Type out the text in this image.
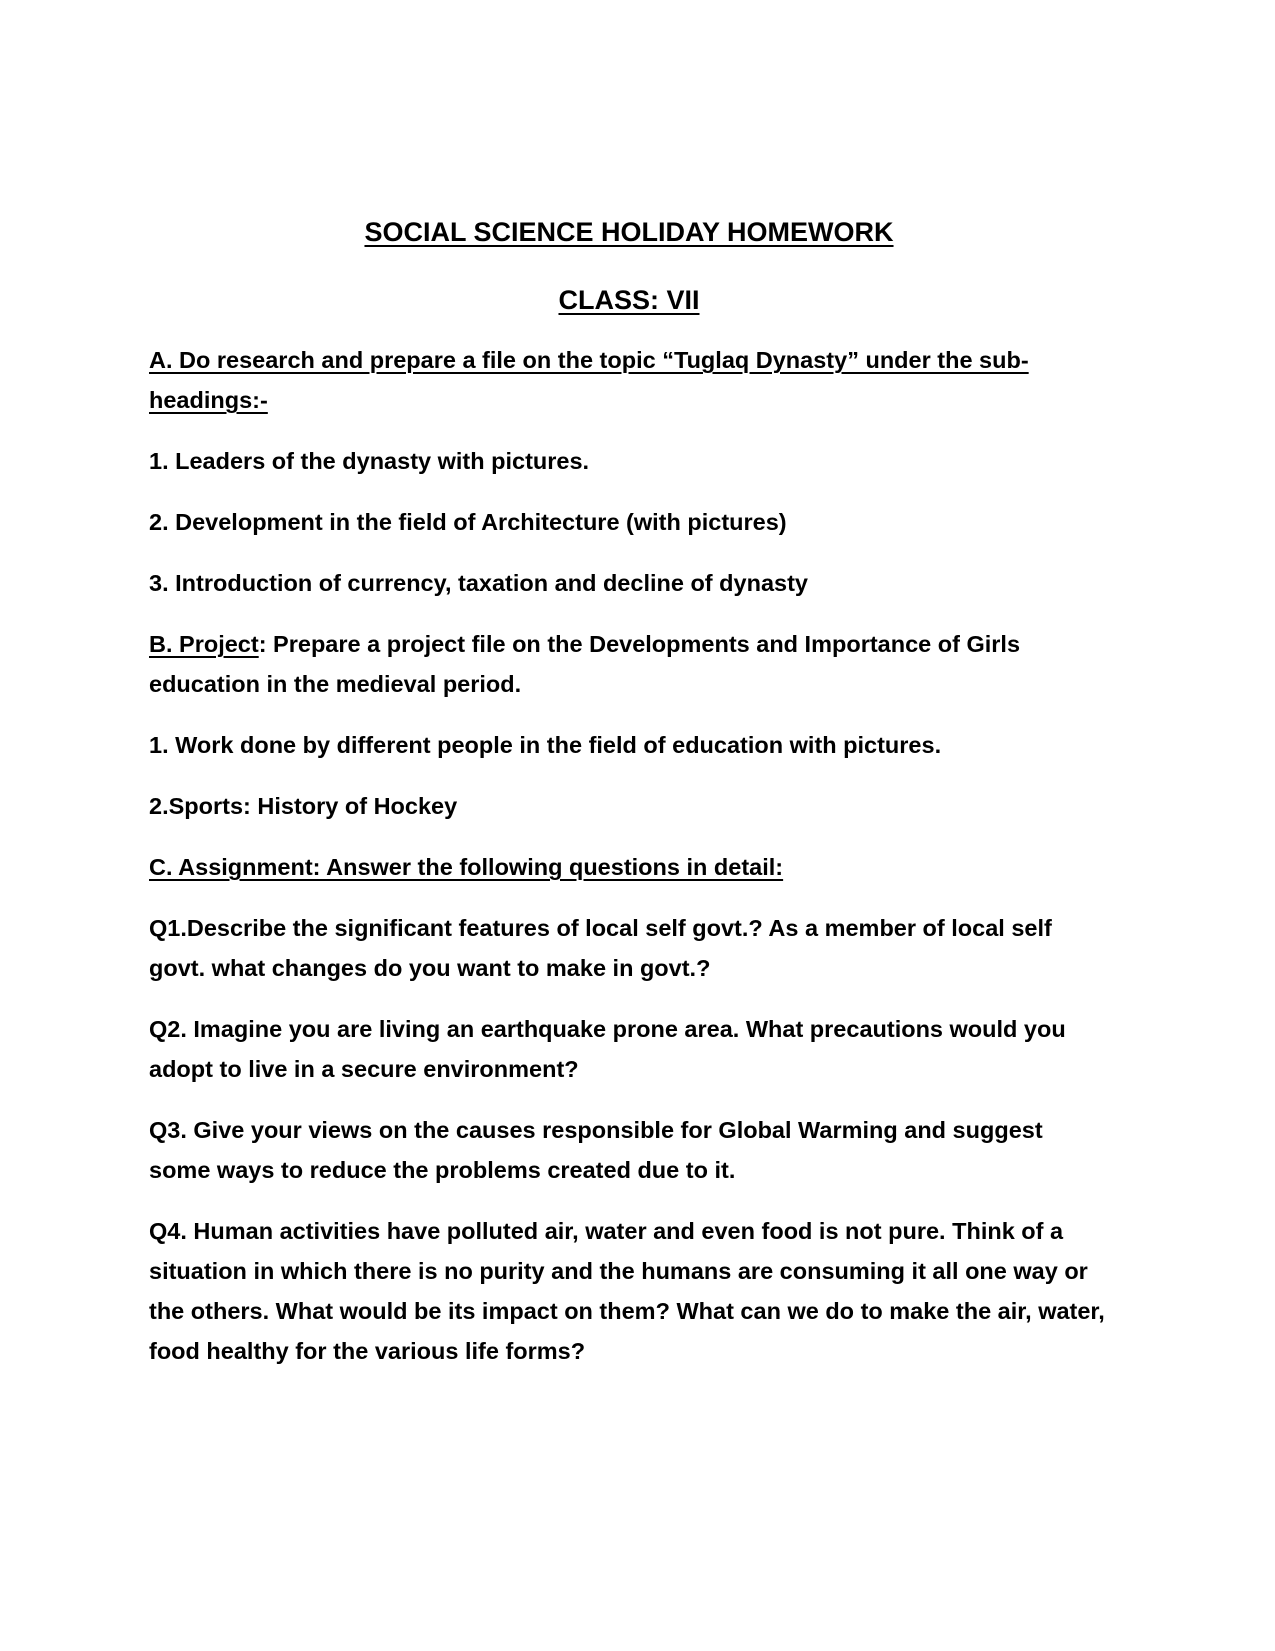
SOCIAL SCIENCE HOLIDAY HOMEWORK

CLASS: VII

A. Do research and prepare a file on the topic “Tuglaq Dynasty” under the sub-headings:-

1. Leaders of the dynasty with pictures.

2. Development in the field of Architecture (with pictures)

3. Introduction of currency, taxation and decline of dynasty

B. Project: Prepare a project file on the Developments and Importance of Girls education in the medieval period.

1. Work done by different people in the field of education with pictures.

2.Sports: History of Hockey

C. Assignment: Answer the following questions in detail:

Q1.Describe the significant features of local self govt.? As a member of local self govt. what changes do you want to make in govt.?

Q2. Imagine you are living an earthquake prone area. What precautions would you adopt to live in a secure environment?

Q3. Give your views on the causes responsible for Global Warming and suggest some ways to reduce the problems created due to it.

Q4. Human activities have polluted air, water and even food is not pure. Think of a situation in which there is no purity and the humans are consuming it all one way or the others. What would be its impact on them? What can we do to make the air, water, food healthy for the various life forms?
